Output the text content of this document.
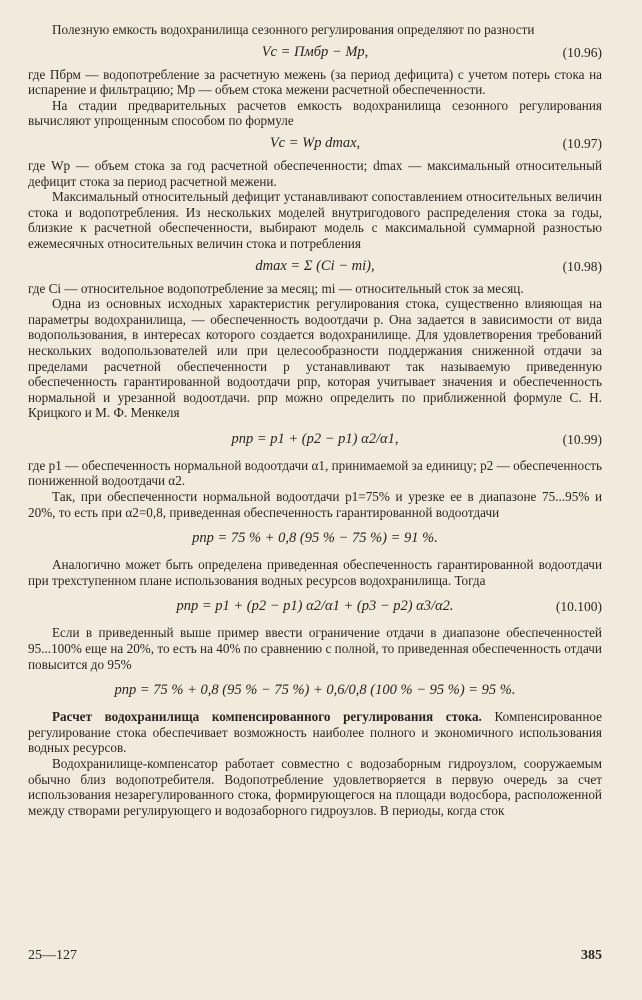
Полезную емкость водохранилища сезонного регулирования определяют по разности

Vс = Пмбр − Mp,	(10.96)

где Пбрм — водопотребление за расчетную межень (за период дефицита) с учетом потерь стока на испарение и фильтрацию; Mp — объем стока межени расчетной обеспеченности.

На стадии предварительных расчетов емкость водохранилища сезонного регулирования вычисляют упрощенным способом по формуле

Vс = Wp dmax,	(10.97)

где Wp — объем стока за год расчетной обеспеченности; dmax — максимальный относительный дефицит стока за период расчетной межени.

Максимальный относительный дефицит устанавливают сопоставлением относительных величин стока и водопотребления. Из нескольких моделей внутригодового распределения стока за годы, близкие к расчетной обеспеченности, выбирают модель с максимальной суммарной разностью ежемесячных относительных величин стока и потребления

dmax = Σ (Ci − mi),	(10.98)

где Ci — относительное водопотребление за месяц; mi — относительный сток за месяц.

Одна из основных исходных характеристик регулирования стока, существенно влияющая на параметры водохранилища, — обеспеченность водоотдачи p. Она задается в зависимости от вида водопользования, в интересах которого создается водохранилище. Для удовлетворения требований нескольких водопользователей или при целесообразности поддержания сниженной отдачи за пределами расчетной обеспеченности p устанавливают так называемую приведенную обеспеченность гарантированной водоотдачи pпр, которая учитывает значения и обеспеченность нормальной и урезанной водоотдачи. pпр можно определить по приближенной формуле С. Н. Крицкого и М. Ф. Менкеля

pпр = p1 + (p2 − p1) α2/α1,	(10.99)

где p1 — обеспеченность нормальной водоотдачи α1, принимаемой за единицу; p2 — обеспеченность пониженной водоотдачи α2.

Так, при обеспеченности нормальной водоотдачи p1=75% и урезке ее в диапазоне 75...95% и 20%, то есть при α2=0,8, приведенная обеспеченность гарантированной водоотдачи

pпр = 75 % + 0,8 (95 % − 75 %) = 91 %.

Аналогично может быть определена приведенная обеспеченность гарантированной водоотдачи при трехступенном плане использования водных ресурсов водохранилища. Тогда

pпр = p1 + (p2 − p1) α2/α1 + (p3 − p2) α3/α2.	(10.100)

Если в приведенный выше пример ввести ограничение отдачи в диапазоне обеспеченностей 95...100% еще на 20%, то есть на 40% по сравнению с полной, то приведенная обеспеченность отдачи повысится до 95%

pпр = 75 % + 0,8 (95 % − 75 %) + 0,6/0,8 (100 % − 95 %) = 95 %.

Расчет водохранилища компенсированного регулирования стока. Компенсированное регулирование стока обеспечивает возможность наиболее полного и экономичного использования водных ресурсов.

Водохранилище-компенсатор работает совместно с водозаборным гидроузлом, сооружаемым обычно близ водопотребителя. Водопотребление удовлетворяется в первую очередь за счет использования незарегулированного стока, формирующегося на площади водосбора, расположенной между створами регулирующего и водозаборного гидроузлов. В периоды, когда сток

25—127	385
